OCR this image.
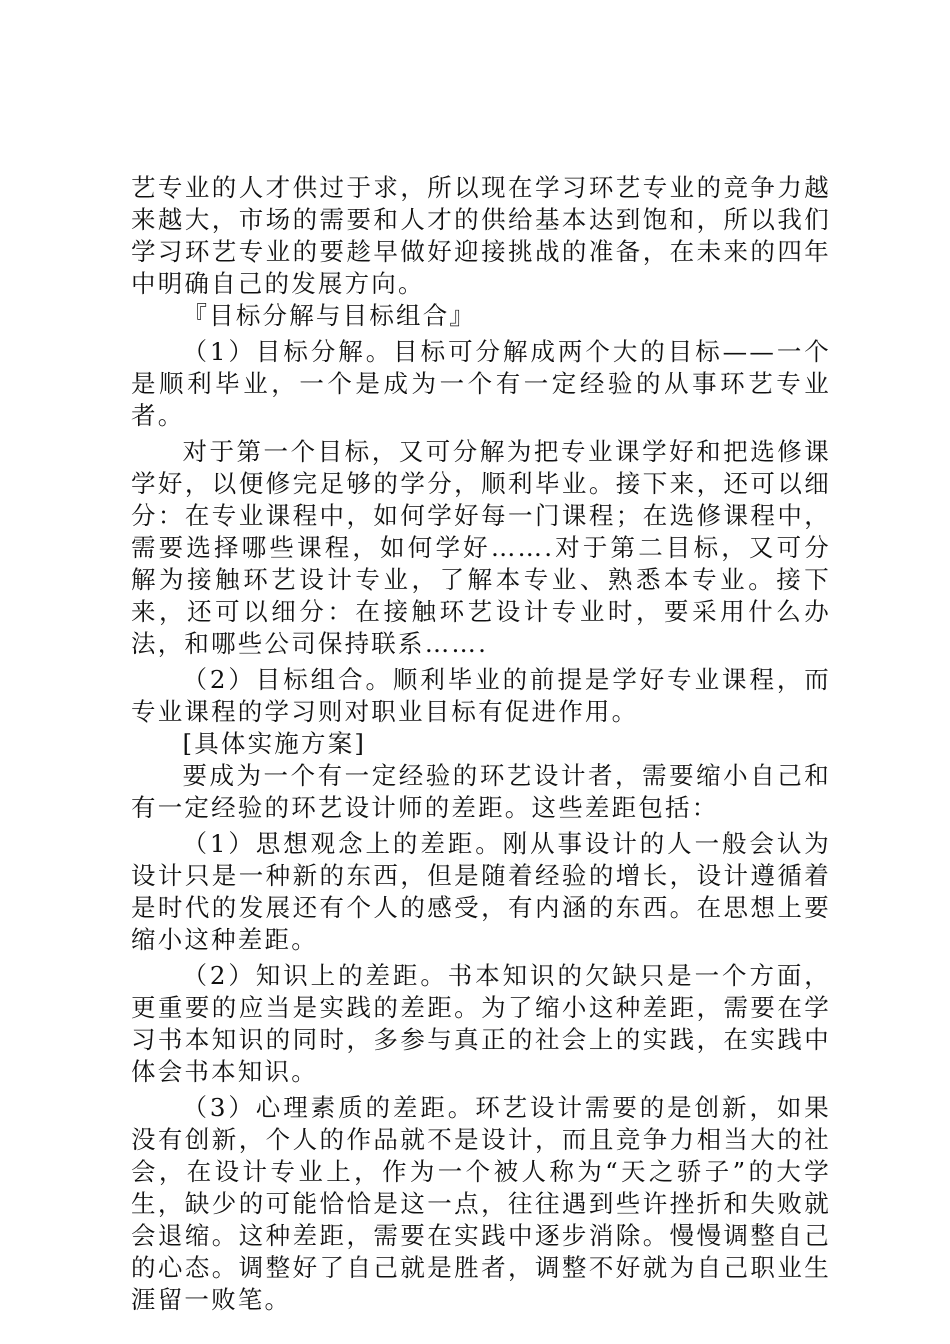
艺专业的人才供过于求，所以现在学习环艺专业的竞争力越来越大，市场的需要和人才的供给基本达到饱和，所以我们学习环艺专业的要趁早做好迎接挑战的准备，在未来的四年中明确自己的发展方向。

『目标分解与目标组合』

（1）目标分解。目标可分解成两个大的目标——一个是顺利毕业，一个是成为一个有一定经验的从事环艺专业者。

对于第一个目标，又可分解为把专业课学好和把选修课学好，以便修完足够的学分，顺利毕业。接下来，还可以细分：在专业课程中，如何学好每一门课程；在选修课程中，需要选择哪些课程，如何学好…….对于第二目标，又可分解为接触环艺设计专业，了解本专业、熟悉本专业。接下来，还可以细分：在接触环艺设计专业时，要采用什么办法，和哪些公司保持联系…….

（2）目标组合。顺利毕业的前提是学好专业课程，而专业课程的学习则对职业目标有促进作用。

[具体实施方案]

要成为一个有一定经验的环艺设计者，需要缩小自己和有一定经验的环艺设计师的差距。这些差距包括：

（1）思想观念上的差距。刚从事设计的人一般会认为设计只是一种新的东西，但是随着经验的增长，设计遵循着是时代的发展还有个人的感受，有内涵的东西。在思想上要缩小这种差距。

（2）知识上的差距。书本知识的欠缺只是一个方面，更重要的应当是实践的差距。为了缩小这种差距，需要在学习书本知识的同时，多参与真正的社会上的实践，在实践中体会书本知识。

（3）心理素质的差距。环艺设计需要的是创新，如果没有创新，个人的作品就不是设计，而且竞争力相当大的社会，在设计专业上，作为一个被人称为“天之骄子”的大学生，缺少的可能恰恰是这一点，往往遇到些许挫折和失败就会退缩。这种差距，需要在实践中逐步消除。慢慢调整自己的心态。调整好了自己就是胜者，调整不好就为自己职业生涯留一败笔。
